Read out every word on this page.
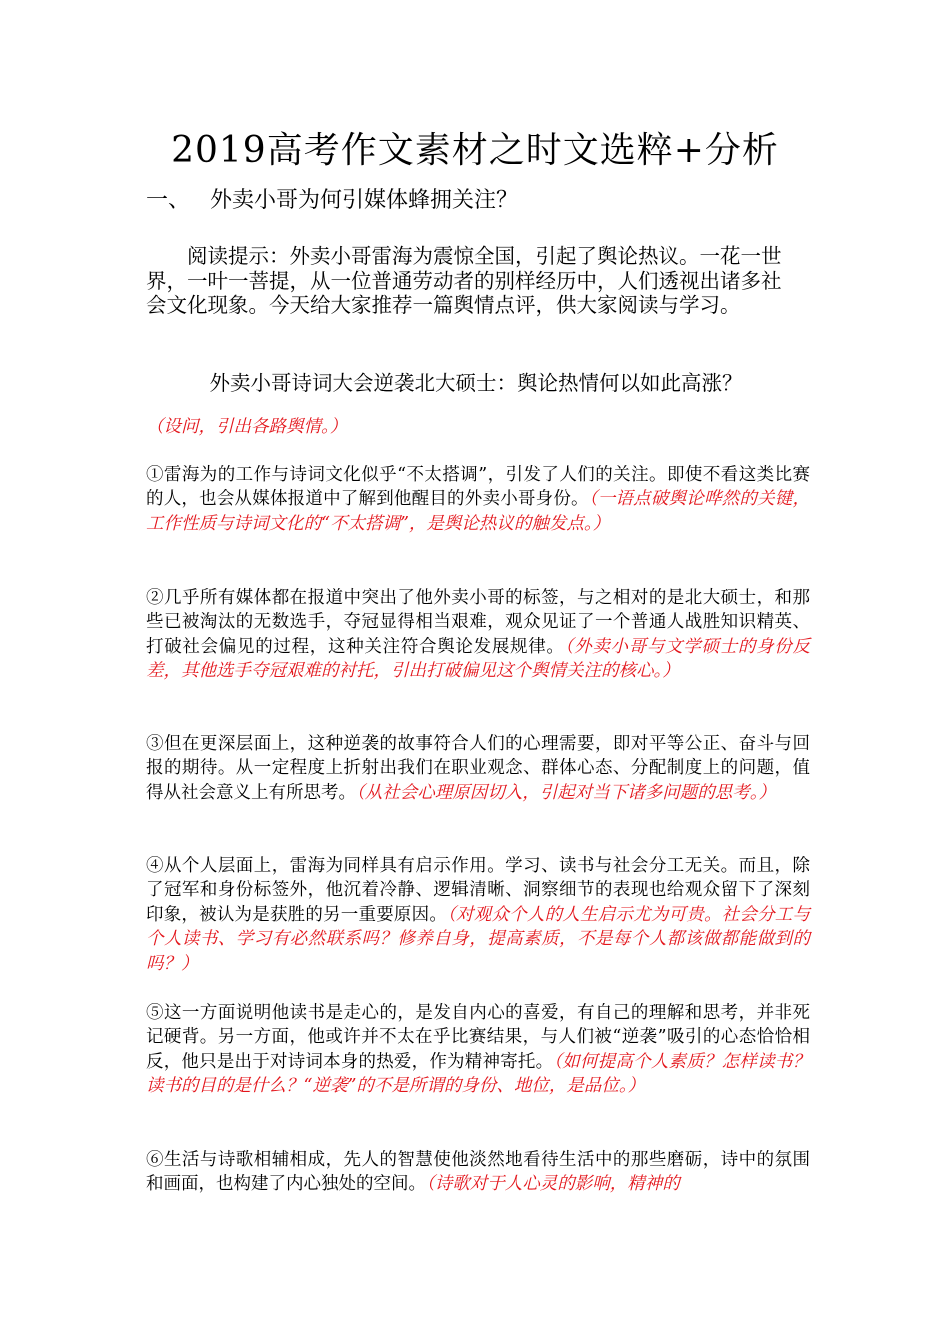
2019高考作文素材之时文选粹+分析
一、 外卖小哥为何引媒体蜂拥关注？

阅读提示：外卖小哥雷海为震惊全国，引起了舆论热议。一花一世界，一叶一菩提，从一位普通劳动者的别样经历中，人们透视出诸多社会文化现象。今天给大家推荐一篇舆情点评，供大家阅读与学习。

外卖小哥诗词大会逆袭北大硕士：舆论热情何以如此高涨？

（设问，引出各路舆情。）

①雷海为的工作与诗词文化似乎“不太搭调”，引发了人们的关注。即使不看这类比赛的人，也会从媒体报道中了解到他醒目的外卖小哥身份。（一语点破舆论哗然的关键，工作性质与诗词文化的“不太搭调”，是舆论热议的触发点。）

②几乎所有媒体都在报道中突出了他外卖小哥的标签，与之相对的是北大硕士，和那些已被淘汰的无数选手，夺冠显得相当艰难，观众见证了一个普通人战胜知识精英、打破社会偏见的过程，这种关注符合舆论发展规律。（外卖小哥与文学硕士的身份反差，其他选手夺冠艰难的衬托，引出打破偏见这个舆情关注的核心。）

③但在更深层面上，这种逆袭的故事符合人们的心理需要，即对平等公正、奋斗与回报的期待。从一定程度上折射出我们在职业观念、群体心态、分配制度上的问题，值得从社会意义上有所思考。（从社会心理原因切入，引起对当下诸多问题的思考。）

④从个人层面上，雷海为同样具有启示作用。学习、读书与社会分工无关。而且，除了冠军和身份标签外，他沉着冷静、逻辑清晰、洞察细节的表现也给观众留下了深刻印象，被认为是获胜的另一重要原因。（对观众个人的人生启示尤为可贵。社会分工与个人读书、学习有必然联系吗？修养自身，提高素质，不是每个人都该做都能做到的吗？）

⑤这一方面说明他读书是走心的，是发自内心的喜爱，有自己的理解和思考，并非死记硬背。另一方面，他或许并不太在乎比赛结果，与人们被“逆袭”吸引的心态恰恰相反，他只是出于对诗词本身的热爱，作为精神寄托。（如何提高个人素质？怎样读书？读书的目的是什么？“逆袭”的不是所谓的身份、地位，是品位。）

⑥生活与诗歌相辅相成，先人的智慧使他淡然地看待生活中的那些磨砺，诗中的氛围和画面，也构建了内心独处的空间。（诗歌对于人心灵的影响，精神的
